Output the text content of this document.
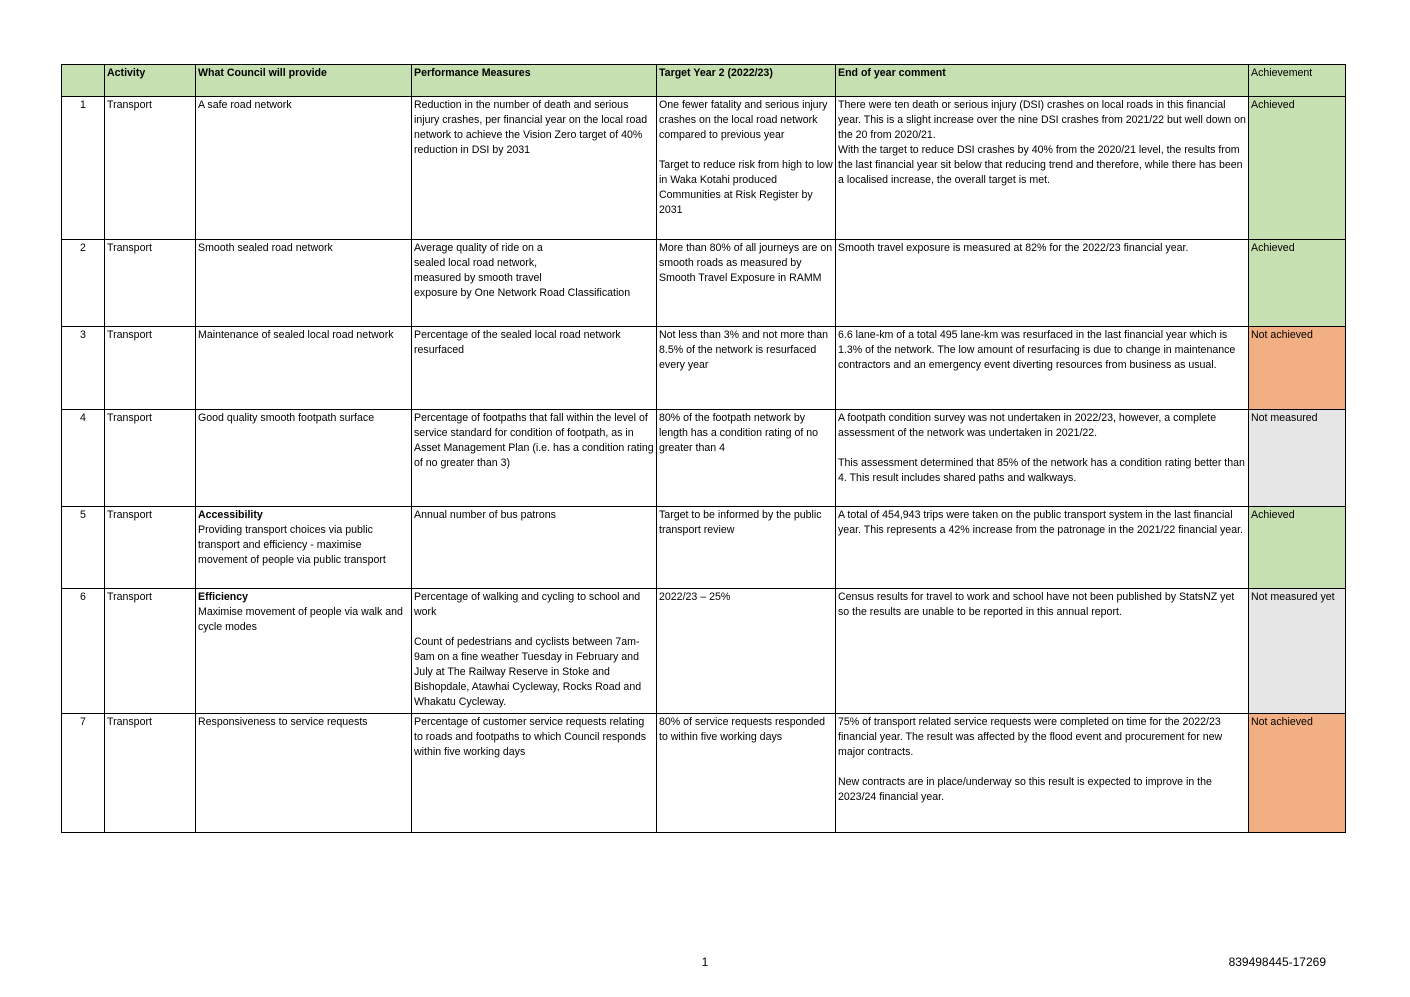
	Activity	What Council will provide	Performance Measures	Target Year 2 (2022/23)	End of year comment	Achievement
1	Transport	A safe road network	Reduction in the number of death and serious injury crashes, per financial year on the local road network to achieve the Vision Zero target of 40% reduction in DSI by 2031	One fewer fatality and serious injury crashes on the local road network compared to previous year

Target to reduce risk from high to low in Waka Kotahi produced Communities at Risk Register by 2031	There were ten death or serious injury (DSI) crashes on local roads in this financial year. This is a slight increase over the nine DSI crashes from 2021/22 but well down on the 20 from 2020/21.
With the target to reduce DSI crashes by 40% from the 2020/21 level, the results from the last financial year sit below that reducing trend and therefore, while there has been a localised increase, the overall target is met.	Achieved
2	Transport	Smooth sealed road network	Average quality of ride on a
sealed local road network,
measured by smooth travel
exposure by One Network Road Classification	More than 80% of all journeys are on smooth roads as measured by Smooth Travel Exposure in RAMM	Smooth travel exposure is measured at 82% for the 2022/23 financial year.	Achieved
3	Transport	Maintenance of sealed local road network	Percentage of the sealed local road network resurfaced	Not less than 3% and not more than 8.5% of the network is resurfaced every year	6.6 lane-km of a total 495 lane-km was resurfaced in the last financial year which is 1.3% of the network. The low amount of resurfacing is due to change in maintenance contractors and an emergency event diverting resources from business as usual.	Not achieved
4	Transport	Good quality smooth footpath surface	Percentage of footpaths that fall within the level of service standard for condition of footpath, as in Asset Management Plan (i.e. has a condition rating of no greater than 3)	80% of the footpath network by length has a condition rating of no greater than 4	A footpath condition survey was not undertaken in 2022/23, however, a complete assessment of the network was undertaken in 2021/22.

This assessment determined that 85% of the network has a condition rating better than 4. This result includes shared paths and walkways.	Not measured
5	Transport	Accessibility
Providing transport choices via public transport and efficiency - maximise movement of people via public transport	Annual number of bus patrons	Target to be informed by the public transport review	A total of 454,943 trips were taken on the public transport system in the last financial year. This represents a 42% increase from the patronage in the 2021/22 financial year.	Achieved
6	Transport	Efficiency
Maximise movement of people via walk and cycle modes	Percentage of walking and cycling to school and work

Count of pedestrians and cyclists between 7am-9am on a fine weather Tuesday in February and July at The Railway Reserve in Stoke and Bishopdale, Atawhai Cycleway, Rocks Road and Whakatu Cycleway.	2022/23 – 25%	Census results for travel to work and school have not been published by StatsNZ yet so the results are unable to be reported in this annual report.	Not measured yet
7	Transport	Responsiveness to service requests	Percentage of customer service requests relating to roads and footpaths to which Council responds within five working days	80% of service requests responded to within five working days	75% of transport related service requests were completed on time for the 2022/23 financial year. The result was affected by the flood event and procurement for new major contracts.

New contracts are in place/underway so this result is expected to improve in the 2023/24 financial year.	Not achieved
1	839498445-17269
